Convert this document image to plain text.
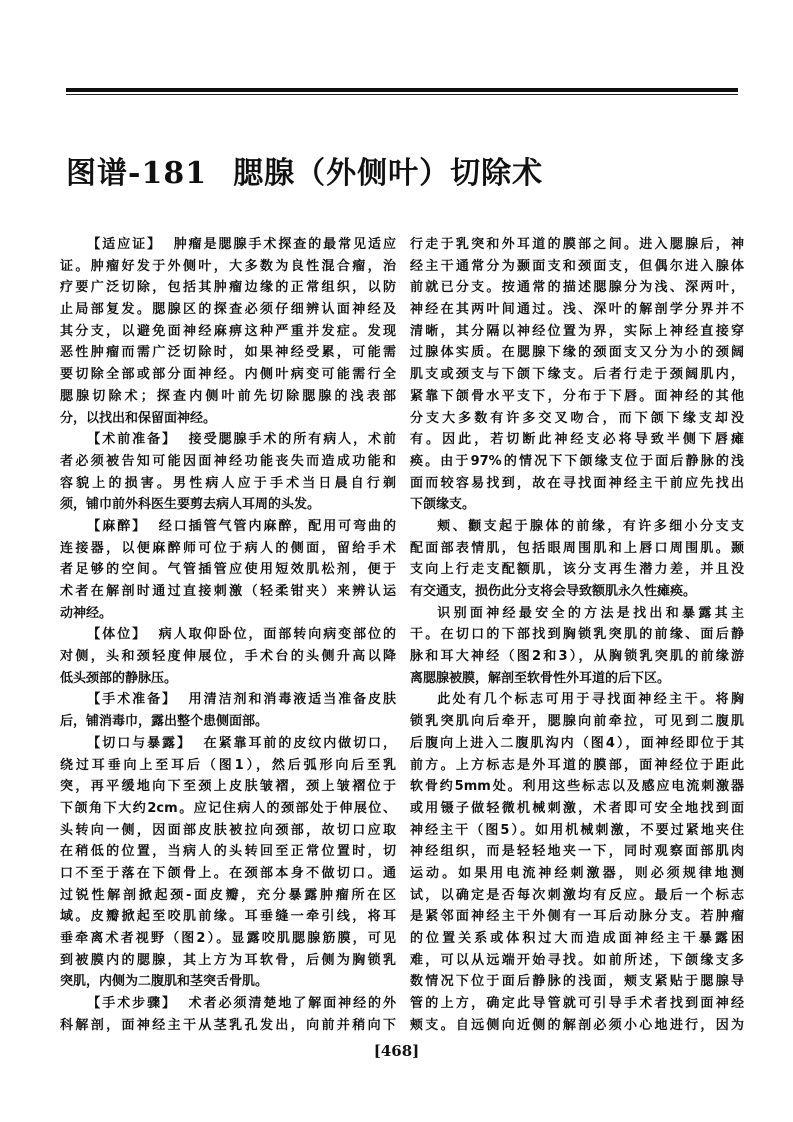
图谱-181 腮腺（外侧叶）切除术
【适应证】 肿瘤是腮腺手术探查的最常见适应
证。肿瘤好发于外侧叶，大多数为良性混合瘤，治
疗要广泛切除，包括其肿瘤边缘的正常组织，以防
止局部复发。腮腺区的探查必须仔细辨认面神经及
其分支，以避免面神经麻痹这种严重并发症。发现
恶性肿瘤而需广泛切除时，如果神经受累，可能需
要切除全部或部分面神经。内侧叶病变可能需行全
腮腺切除术；探查内侧叶前先切除腮腺的浅表部
分，以找出和保留面神经。
【术前准备】 接受腮腺手术的所有病人，术前
者必须被告知可能因面神经功能丧失而造成功能和
容貌上的损害。男性病人应于手术当日晨自行剃
须，铺巾前外科医生要剪去病人耳周的头发。
【麻醉】 经口插管气管内麻醉，配用可弯曲的
连接器，以便麻醉师可位于病人的侧面，留给手术
者足够的空间。气管插管应使用短效肌松剂，便于
术者在解剖时通过直接刺激（轻柔钳夹）来辨认运
动神经。
【体位】 病人取仰卧位，面部转向病变部位的
对侧，头和颈轻度伸展位，手术台的头侧升高以降
低头颈部的静脉压。
【手术准备】 用清洁剂和消毒液适当准备皮肤
后，铺消毒巾，露出整个患侧面部。
【切口与暴露】 在紧靠耳前的皮纹内做切口，
绕过耳垂向上至耳后（图1），然后弧形向后至乳
突，再平缓地向下至颈上皮肤皱褶，颈上皱褶位于
下颌角下大约2cm。应记住病人的颈部处于伸展位、
头转向一侧，因面部皮肤被拉向颈部，故切口应取
在稍低的位置，当病人的头转回至正常位置时，切
口不至于落在下颌骨上。在颈部本身不做切口。通
过锐性解剖掀起颈-面皮瓣，充分暴露肿瘤所在区
域。皮瓣掀起至咬肌前缘。耳垂缝一牵引线，将耳
垂牵离术者视野（图2）。显露咬肌腮腺筋膜，可见
到被膜内的腮腺，其上方为耳软骨，后侧为胸锁乳
突肌，内侧为二腹肌和茎突舌骨肌。
【手术步骤】 术者必须清楚地了解面神经的外
科解剖，面神经主干从茎乳孔发出，向前并稍向下
行走于乳突和外耳道的膜部之间。进入腮腺后，神
经主干通常分为颞面支和颈面支，但偶尔进入腺体
前就已分支。按通常的描述腮腺分为浅、深两叶，
神经在其两叶间通过。浅、深叶的解剖学分界并不
清晰，其分隔以神经位置为界，实际上神经直接穿
过腺体实质。在腮腺下缘的颈面支又分为小的颈阔
肌支或颈支与下颌下缘支。后者行走于颈阔肌内，
紧靠下颌骨水平支下，分布于下唇。面神经的其他
分支大多数有许多交叉吻合，而下颌下缘支却没
有。因此，若切断此神经支必将导致半侧下唇瘫
痪。由于97%的情况下下颌缘支位于面后静脉的浅
面而较容易找到，故在寻找面神经主干前应先找出
下颌缘支。
颊、颧支起于腺体的前缘，有许多细小分支支
配面部表情肌，包括眼周围肌和上唇口周围肌。颞
支向上行走支配额肌，该分支再生潜力差，并且没
有交通支，损伤此分支将会导致额肌永久性瘫痪。
识别面神经最安全的方法是找出和暴露其主
干。在切口的下部找到胸锁乳突肌的前缘、面后静
脉和耳大神经（图2和3），从胸锁乳突肌的前缘游
离腮腺被膜，解剖至软骨性外耳道的后下区。
此处有几个标志可用于寻找面神经主干。将胸
锁乳突肌向后牵开，腮腺向前牵拉，可见到二腹肌
后腹向上进入二腹肌沟内（图4），面神经即位于其
前方。上方标志是外耳道的膜部，面神经位于距此
软骨约5mm处。利用这些标志以及感应电流刺激器
或用镊子做轻微机械刺激，术者即可安全地找到面
神经主干（图5）。如用机械刺激，不要过紧地夹住
神经组织，而是轻轻地夹一下，同时观察面部肌肉
运动。如果用电流神经刺激器，则必须规律地测
试，以确定是否每次刺激均有反应。最后一个标志
是紧邻面神经主干外侧有一耳后动脉分支。若肿瘤
的位置关系或体积过大而造成面神经主干暴露困
难，可以从远端开始寻找。如前所述，下颌缘支多
数情况下位于面后静脉的浅面，颊支紧贴于腮腺导
管的上方，确定此导管就可引导手术者找到面神经
颊支。自远侧向近侧的解剖必须小心地进行，因为
[468]
